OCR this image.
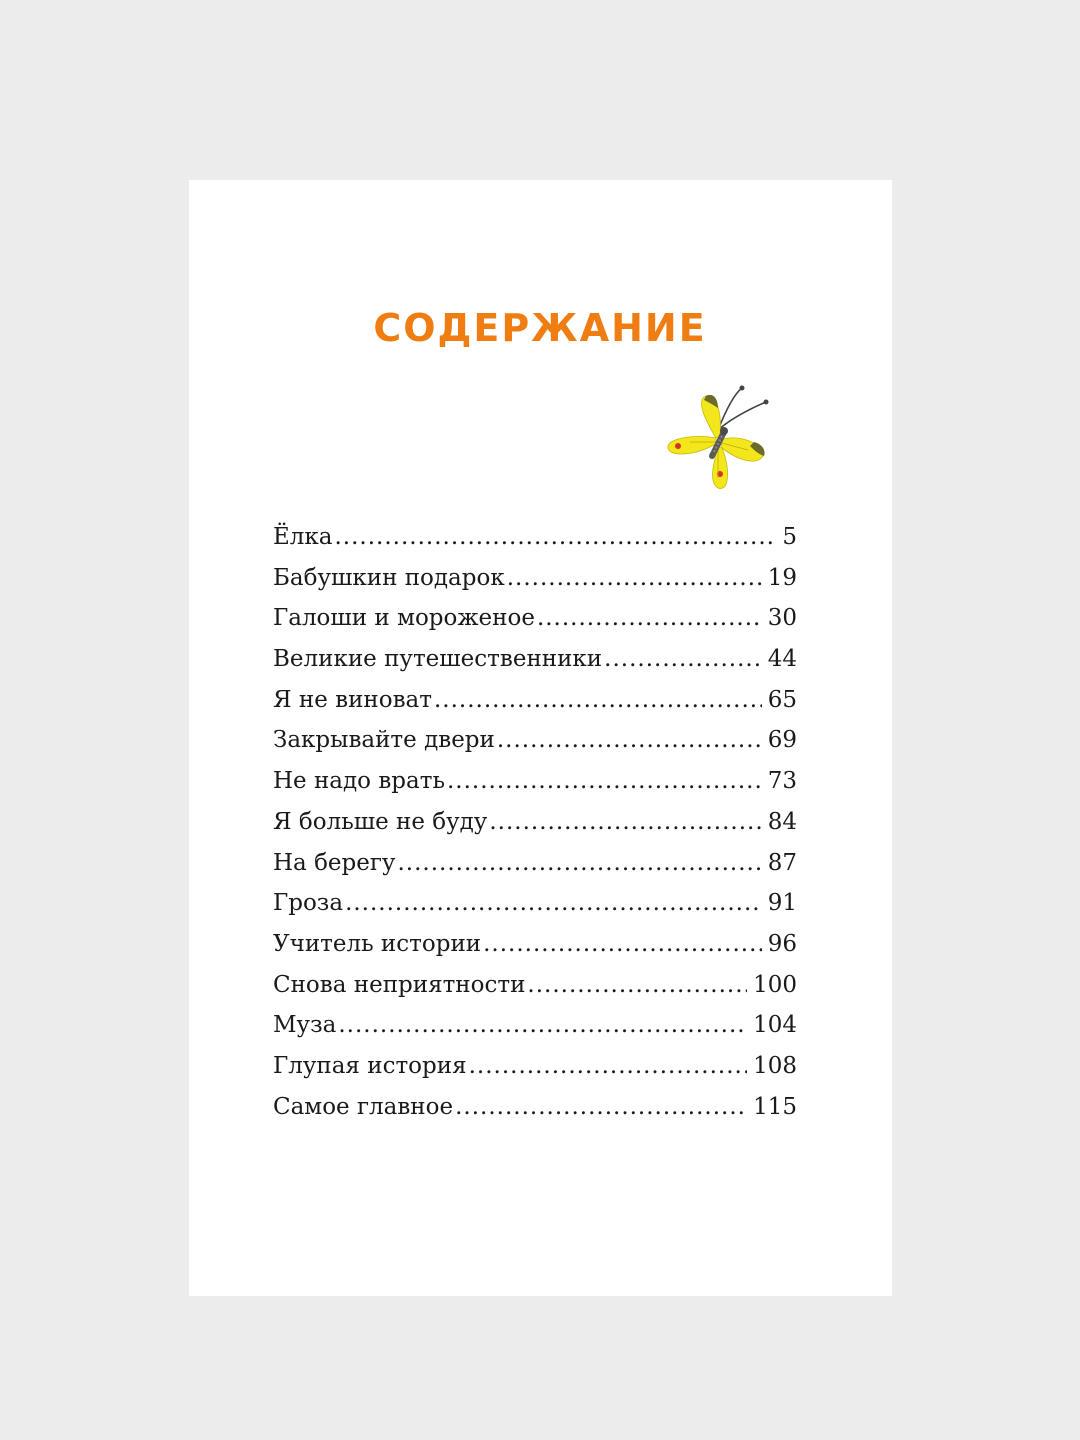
СОДЕРЖАНИЕ
Ёлка .....	5
Бабушкин подарок .....	19
Галоши и мороженое .....	30
Великие путешественники .....	44
Я не виноват .....	65
Закрывайте двери .....	69
Не надо врать .....	73
Я больше не буду .....	84
На берегу .....	87
Гроза .....	91
Учитель истории .....	96
Снова неприятности .....	100
Муза .....	104
Глупая история .....	108
Самое главное .....	115
